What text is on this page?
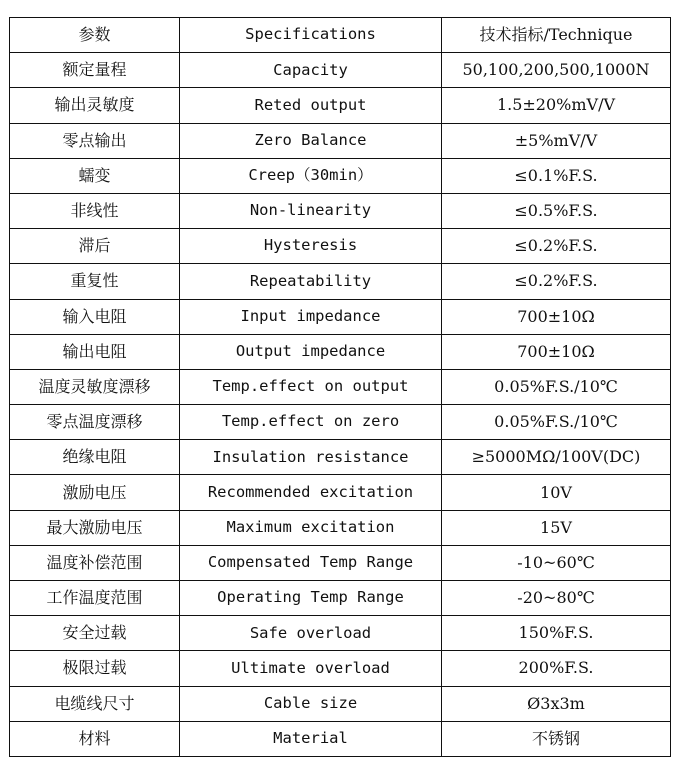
参数	Specifications	技术指标/Technique
额定量程	Capacity	50,100,200,500,1000N
输出灵敏度	Reted output	1.5±20%mV/V
零点输出	Zero Balance	±5%mV/V
蠕变	Creep（30min）	≤0.1%F.S.
非线性	Non-linearity	≤0.5%F.S.
滞后	Hysteresis	≤0.2%F.S.
重复性	Repeatability	≤0.2%F.S.
输入电阻	Input impedance	700±10Ω
输出电阻	Output impedance	700±10Ω
温度灵敏度漂移	Temp.effect on output	0.05%F.S./10℃
零点温度漂移	Temp.effect on zero	0.05%F.S./10℃
绝缘电阻	Insulation resistance	≥5000MΩ/100V(DC)
激励电压	Recommended excitation	10V
最大激励电压	Maximum excitation	15V
温度补偿范围	Compensated Temp Range	-10~60℃
工作温度范围	Operating Temp Range	-20~80℃
安全过载	Safe overload	150%F.S.
极限过载	Ultimate overload	200%F.S.
电缆线尺寸	Cable size	Ø3x3m
材料	Material	不锈钢
